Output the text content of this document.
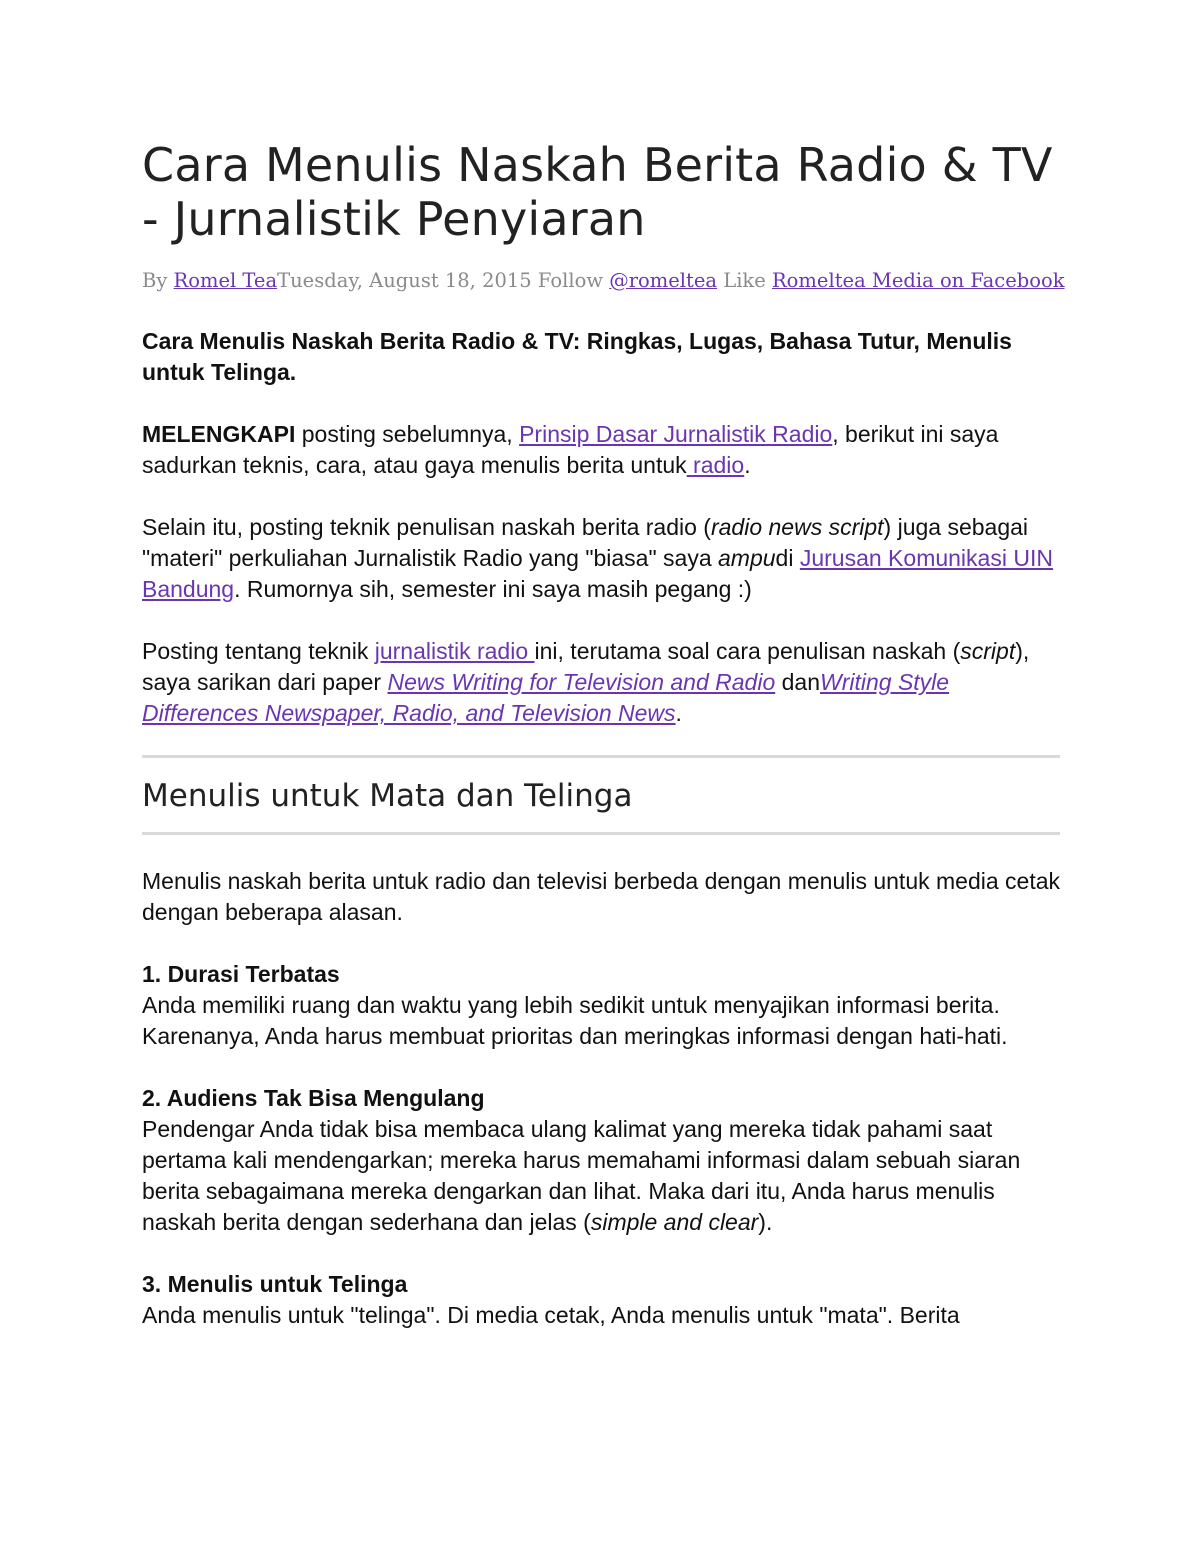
Cara Menulis Naskah Berita Radio & TV - Jurnalistik Penyiaran
By Romel TeaTuesday, August 18, 2015 Follow @romeltea Like Romeltea Media on Facebook

Cara Menulis Naskah Berita Radio & TV: Ringkas, Lugas, Bahasa Tutur, Menulis untuk Telinga.

MELENGKAPI posting sebelumnya, Prinsip Dasar Jurnalistik Radio, berikut ini saya sadurkan teknis, cara, atau gaya menulis berita untuk radio.

Selain itu, posting teknik penulisan naskah berita radio (radio news script) juga sebagai "materi" perkuliahan Jurnalistik Radio yang "biasa" saya ampudi Jurusan Komunikasi UIN Bandung. Rumornya sih, semester ini saya masih pegang :)

Posting tentang teknik jurnalistik radio ini, terutama soal cara penulisan naskah (script), saya sarikan dari paper News Writing for Television and Radio danWriting Style Differences Newspaper, Radio, and Television News.

Menulis untuk Mata dan Telinga

Menulis naskah berita untuk radio dan televisi berbeda dengan menulis untuk media cetak dengan beberapa alasan.

1. Durasi Terbatas

Anda memiliki ruang dan waktu yang lebih sedikit untuk menyajikan informasi berita. Karenanya, Anda harus membuat prioritas dan meringkas informasi dengan hati-hati.

2. Audiens Tak Bisa Mengulang

Pendengar Anda tidak bisa membaca ulang kalimat yang mereka tidak pahami saat pertama kali mendengarkan; mereka harus memahami informasi dalam sebuah siaran berita sebagaimana mereka dengarkan dan lihat. Maka dari itu, Anda harus menulis naskah berita dengan sederhana dan jelas (simple and clear).

3. Menulis untuk Telinga

Anda menulis untuk "telinga". Di media cetak, Anda menulis untuk "mata". Berita
